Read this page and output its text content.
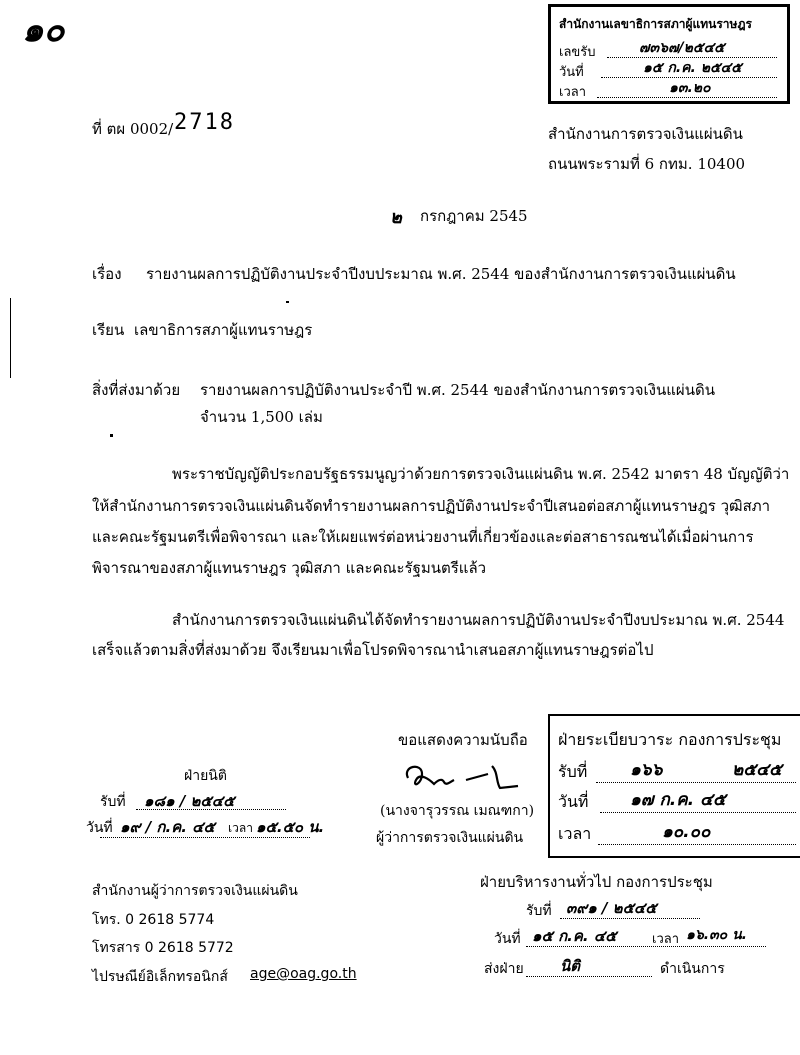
๑๐	สำนักงานเลขาธิการสภาผู้แทนราษฎร
เลขรับ	๗๓๖๗/๒๕๔๕
วันที่	๑๕ ก.ค. ๒๕๔๕
เวลา	๑๓.๒๐
ที่ ตผ 0002/ 2718	สำนักงานการตรวจเงินแผ่นดิน
ถนนพระรามที่ 6 กทม. 10400
๒ กรกฎาคม 2545
เรื่อง รายงานผลการปฏิบัติงานประจำปีงบประมาณ พ.ศ. 2544 ของสำนักงานการตรวจเงินแผ่นดิน
เรียน เลขาธิการสภาผู้แทนราษฎร
สิ่งที่ส่งมาด้วย รายงานผลการปฏิบัติงานประจำปี พ.ศ. 2544 ของสำนักงานการตรวจเงินแผ่นดิน
จำนวน 1,500 เล่ม
พระราชบัญญัติประกอบรัฐธรรมนูญว่าด้วยการตรวจเงินแผ่นดิน พ.ศ. 2542 มาตรา 48 บัญญัติว่า
ให้สำนักงานการตรวจเงินแผ่นดินจัดทำรายงานผลการปฏิบัติงานประจำปีเสนอต่อสภาผู้แทนราษฎร วุฒิสภา
และคณะรัฐมนตรีเพื่อพิจารณา และให้เผยแพร่ต่อหน่วยงานที่เกี่ยวข้องและต่อสาธารณชนได้เมื่อผ่านการ
พิจารณาของสภาผู้แทนราษฎร วุฒิสภา และคณะรัฐมนตรีแล้ว
สำนักงานการตรวจเงินแผ่นดินได้จัดทำรายงานผลการปฏิบัติงานประจำปีงบประมาณ พ.ศ. 2544
เสร็จแล้วตามสิ่งที่ส่งมาด้วย จึงเรียนมาเพื่อโปรดพิจารณานำเสนอสภาผู้แทนราษฎรต่อไป
ขอแสดงความนับถือ
(นางจารุวรรณ เมณฑกา)
ผู้ว่าการตรวจเงินแผ่นดิน
ฝ่ายนิติ
รับที่ ๑๘๑ / ๒๕๔๕
วันที่ ๑๙ / ก.ค. ๔๕ เวลา ๑๕.๕๐ น.
ฝ่ายระเบียบวาระ กองการประชุม
รับที่	๑๖๖	๒๕๔๕
วันที่ ๑๗ ก.ค. ๔๕
เวลา	๑๐.๐๐
ฝ่ายบริหารงานทั่วไป กองการประชุม
รับที่ ๓๙๑ / ๒๕๔๕
วันที่ ๑๕ ก.ค. ๔๕	เวลา ๑๖.๓๐ น.
ส่งฝ่าย นิติ	ดำเนินการ
สำนักงานผู้ว่าการตรวจเงินแผ่นดิน
โทร. 0 2618 5774
โทรสาร 0 2618 5772
ไปรษณีย์อิเล็กทรอนิกส์ age@oag.go.th
